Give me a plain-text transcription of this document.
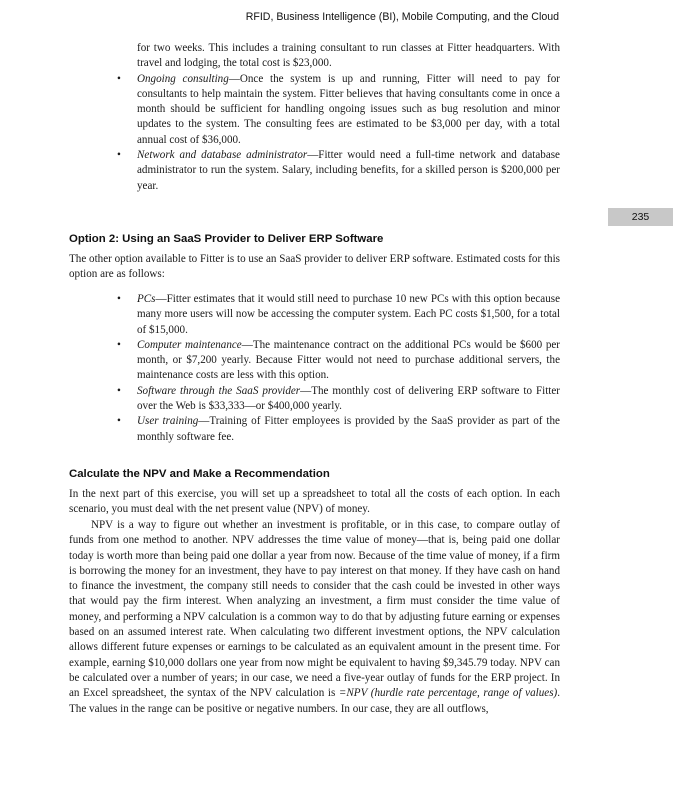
RFID, Business Intelligence (BI), Mobile Computing, and the Cloud
235
for two weeks. This includes a training consultant to run classes at Fitter headquarters. With travel and lodging, the total cost is $23,000.
• Ongoing consulting—Once the system is up and running, Fitter will need to pay for consultants to help maintain the system. Fitter believes that having consultants come in once a month should be sufficient for handling ongoing issues such as bug resolution and minor updates to the system. The consulting fees are estimated to be $3,000 per day, with a total annual cost of $36,000.
• Network and database administrator—Fitter would need a full-time network and database administrator to run the system. Salary, including benefits, for a skilled person is $200,000 per year.
Option 2: Using an SaaS Provider to Deliver ERP Software

The other option available to Fitter is to use an SaaS provider to deliver ERP software. Estimated costs for this option are as follows:

• PCs—Fitter estimates that it would still need to purchase 10 new PCs with this option because many more users will now be accessing the computer system. Each PC costs $1,500, for a total of $15,000.
• Computer maintenance—The maintenance contract on the additional PCs would be $600 per month, or $7,200 yearly. Because Fitter would not need to purchase additional servers, the maintenance costs are less with this option.
• Software through the SaaS provider—The monthly cost of delivering ERP software to Fitter over the Web is $33,333—or $400,000 yearly.
• User training—Training of Fitter employees is provided by the SaaS provider as part of the monthly software fee.
Calculate the NPV and Make a Recommendation

In the next part of this exercise, you will set up a spreadsheet to total all the costs of each option. In each scenario, you must deal with the net present value (NPV) of money.

NPV is a way to figure out whether an investment is profitable, or in this case, to compare outlay of funds from one method to another. NPV addresses the time value of money—that is, being paid one dollar today is worth more than being paid one dollar a year from now. Because of the time value of money, if a firm is borrowing the money for an investment, they have to pay interest on that money. If they have cash on hand to finance the investment, the company still needs to consider that the cash could be invested in other ways that would pay the firm interest. When analyzing an investment, a firm must consider the time value of money, and performing a NPV calculation is a common way to do that by adjusting future earning or expenses based on an assumed interest rate. When calculating two different investment options, the NPV calculation allows different future expenses or earnings to be calculated as an equivalent amount in the present time. For example, earning $10,000 dollars one year from now might be equivalent to having $9,345.79 today. NPV can be calculated over a number of years; in our case, we need a five-year outlay of funds for the ERP project. In an Excel spreadsheet, the syntax of the NPV calculation is =NPV (hurdle rate percentage, range of values). The values in the range can be positive or negative numbers. In our case, they are all outflows,
